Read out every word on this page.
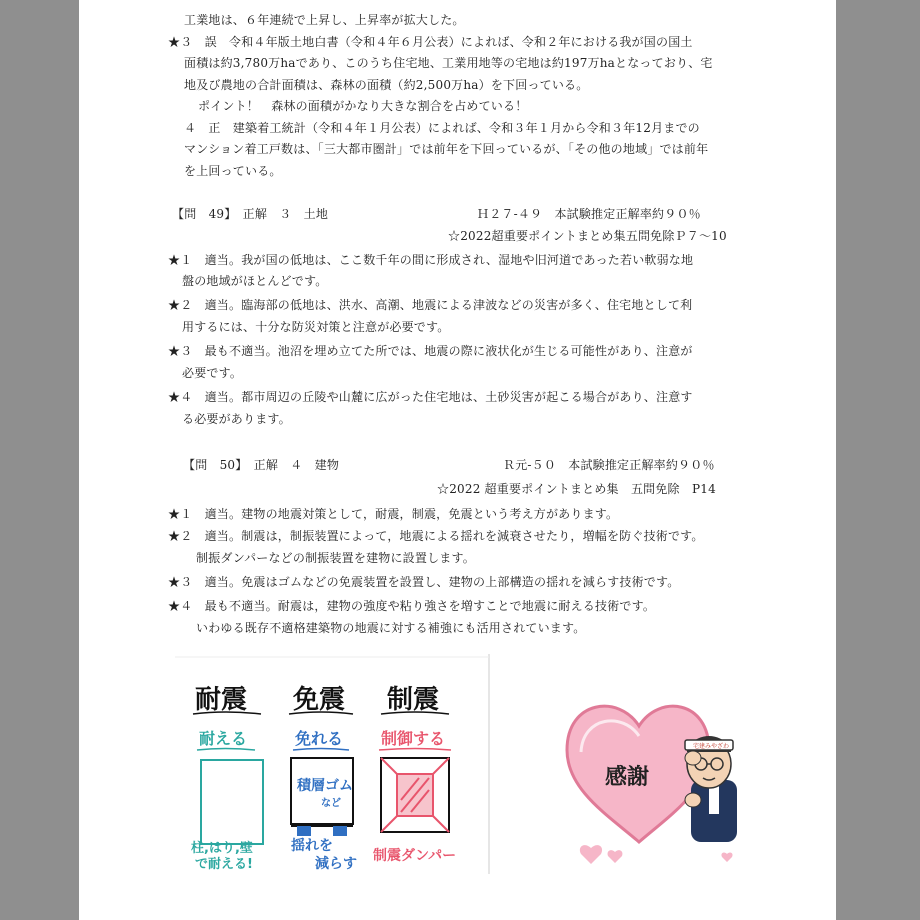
工業地は、６年連続で上昇し、上昇率が拡大した。
★３　誤　令和４年版土地白書（令和４年６月公表）によれば、令和２年における我が国の国土
面積は約3,780万haであり、このうち住宅地、工業用地等の宅地は約197万haとなっており、宅
地及び農地の合計面積は、森林の面積（約2,500万ha）を下回っている。
ポイント！　森林の面積がかなり大きな割合を占めている！
４　正　建築着工統計（令和４年１月公表）によれば、令和３年１月から令和３年12月までの
マンション着工戸数は、「三大都市圏計」では前年を下回っているが、「その他の地域」では前年
を上回っている。
【問　49】　正解　３　土地	Ｈ２７-４９　本試験推定正解率約９０％
☆2022超重要ポイントまとめ集五問免除Ｐ７～10
★１　適当。我が国の低地は、ここ数千年の間に形成され、湿地や旧河道であった若い軟弱な地
盤の地域がほとんどです。
★２　適当。臨海部の低地は、洪水、高潮、地震による津波などの災害が多く、住宅地として利
用するには、十分な防災対策と注意が必要です。
★３　最も不適当。池沼を埋め立てた所では、地震の際に液状化が生じる可能性があり、注意が
必要です。
★４　適当。都市周辺の丘陵や山麓に広がった住宅地は、土砂災害が起こる場合があり、注意す
る必要があります。
【問　50】　正解　４　建物	Ｒ元-５０　本試験推定正解率約９０％
☆2022 超重要ポイントまとめ集　五問免除　P14
★１　適当。建物の地震対策として，耐震，制震，免震という考え方があります。
★２　適当。制震は，制振装置によって，地震による揺れを減衰させたり，増幅を防ぐ技術です。
制振ダンパーなどの制振装置を建物に設置します。
★３　適当。免震はゴムなどの免震装置を設置し、建物の上部構造の揺れを減らす技術です。
★４　最も不適当。耐震は，建物の強度や粘り強さを増すことで地震に耐える技術です。
いわゆる既存不適格建築物の地震に対する補強にも活用されています。
耐震
耐える
柱,はり,壁
で耐える!
免震
免れる
積層ゴム
など
揺れを
減らす
制震
制御する
制震ダンパー
感謝
宅建みやざわ
